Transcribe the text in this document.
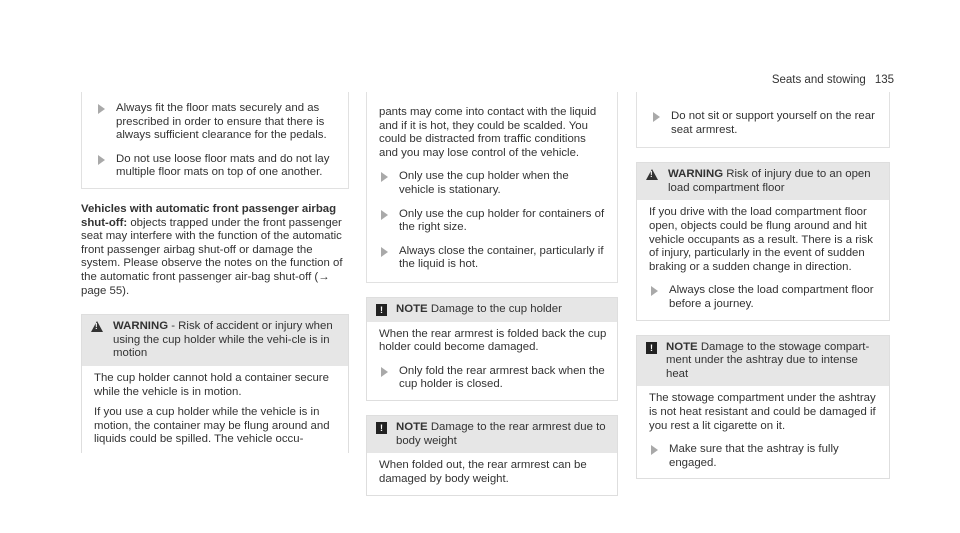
Seats and stowing 135
Always fit the floor mats securely and as prescribed in order to ensure that there is always sufficient clearance for the pedals.
Do not use loose floor mats and do not lay multiple floor mats on top of one another.

Vehicles with automatic front passenger airbag shut-off: objects trapped under the front passenger seat may interfere with the function of the automatic front passenger airbag shut-off or damage the system. Please observe the notes on the function of the automatic front passenger air-bag shut-off (→ page 55).

!
WARNING - Risk of accident or injury when using the cup holder while the vehi-cle is in motion

The cup holder cannot hold a container secure while the vehicle is in motion.

If you use a cup holder while the vehicle is in motion, the container may be flung around and liquids could be spilled. The vehicle occu-

pants may come into contact with the liquid and if it is hot, they could be scalded. You could be distracted from traffic conditions and you may lose control of the vehicle.

Only use the cup holder when the vehicle is stationary.
Only use the cup holder for containers of the right size.
Always close the container, particularly if the liquid is hot.
!	NOTE Damage to the cup holder

When the rear armrest is folded back the cup holder could become damaged.

Only fold the rear armrest back when the cup holder is closed.
!	NOTE Damage to the rear armrest due to body weight

When folded out, the rear armrest can be damaged by body weight.

Do not sit or support yourself on the rear seat armrest.
!
WARNING Risk of injury due to an open load compartment floor

If you drive with the load compartment floor open, objects could be flung around and hit vehicle occupants as a result. There is a risk of injury, particularly in the event of sudden braking or a sudden change in direction.

Always close the load compartment floor before a journey.
!	NOTE Damage to the stowage compart-ment under the ashtray due to intense heat

The stowage compartment under the ashtray is not heat resistant and could be damaged if you rest a lit cigarette on it.

Make sure that the ashtray is fully engaged.
